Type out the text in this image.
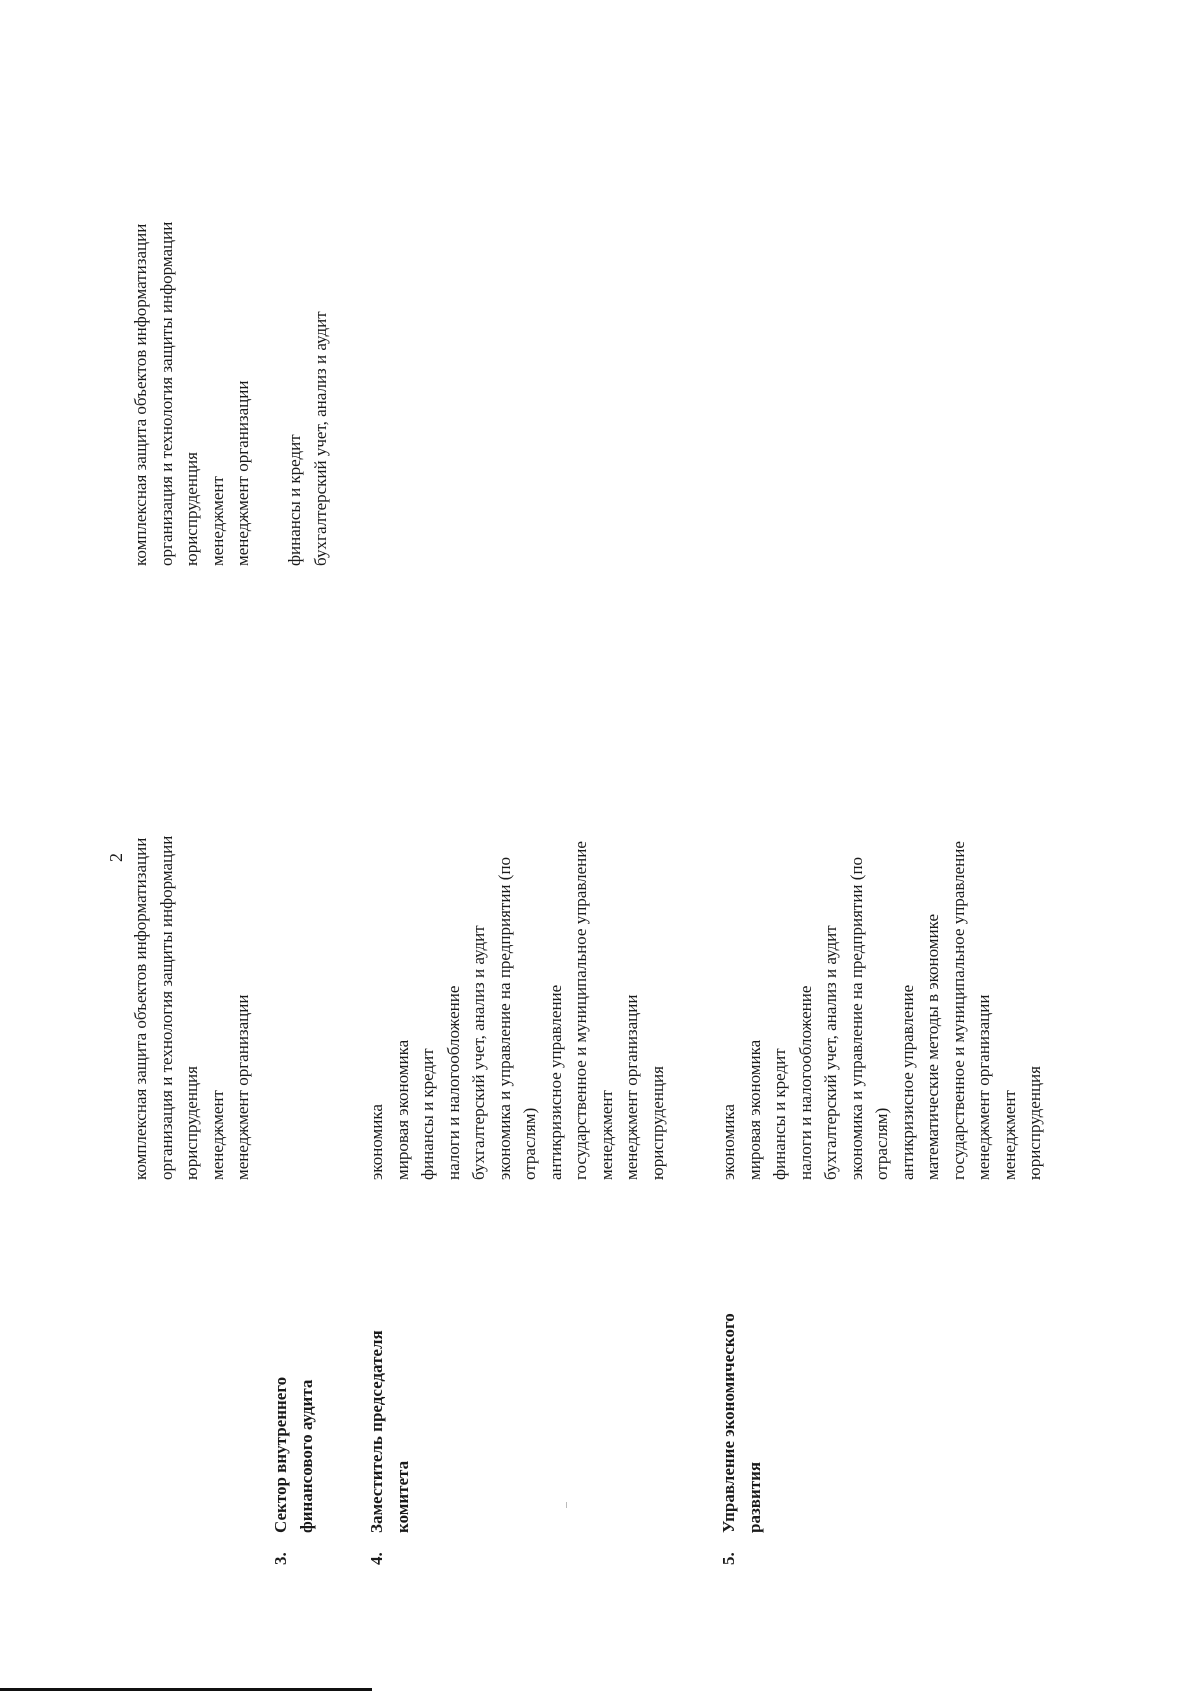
2 комплексная защита объектов информатизации организация и технология защиты информации юриспруденция менеджмент менеджмент организации
комплексная защита объектов информатизации организация и технология защиты информации юриспруденция менеджмент менеджмент организации
3.
Сектор внутреннего финансового аудита
финансы и кредит бухгалтерский учет, анализ и аудит
4.
Заместитель председателя комитета
экономика мировая экономика финансы и кредит налоги и налогообложение бухгалтерский учет, анализ и аудит экономика и управление на предприятии (по отраслям) антикризисное управление государственное и муниципальное управление менеджмент менеджмент организации юриспруденция
5.
Управление экономического развития
экономика мировая экономика финансы и кредит налоги и налогообложение бухгалтерский учет, анализ и аудит экономика и управление на предприятии (по отраслям) антикризисное управление математические методы в экономике государственное и муниципальное управление менеджмент организации менеджмент юриспруденция
